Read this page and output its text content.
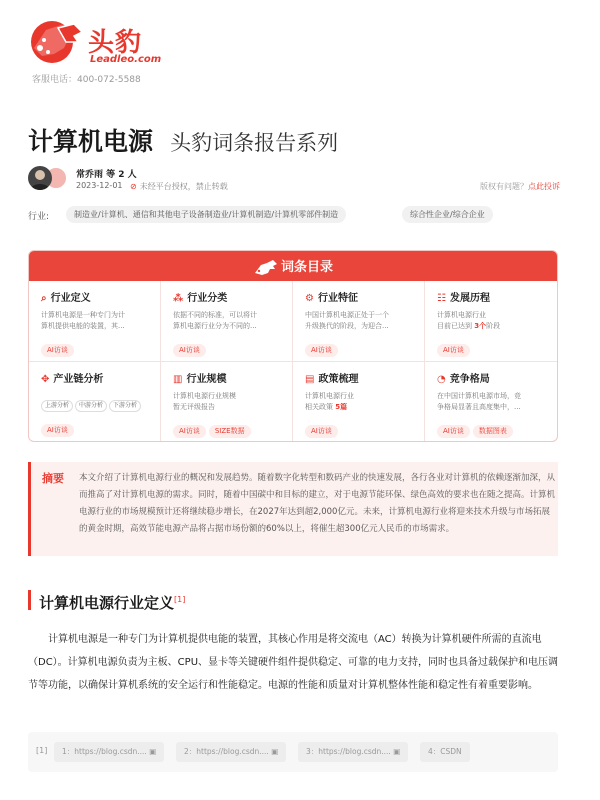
头豹
Leadleo.com
客服电话：400-072-5588
计算机电源 头豹词条报告系列
常乔雨 等 2 人
2023-12-01 ⊘ 未经平台授权，禁止转载	版权有问题？点此投诉
行业:	制造业/计算机、通信和其他电子设备制造业/计算机制造/计算机零部件制造	综合性企业/综合企业
词条目录
⌕ 行业定义
计算机电源是一种专门为计
算机提供电能的装置，其...
AI访谈
⁂ 行业分类
依据不同的标准，可以将计
算机电源行业分为不同的...
AI访谈
⚙ 行业特征
中国计算机电源正处于一个
升级换代的阶段，为迎合...
AI访谈
☷ 发展历程
计算机电源行业
目前已达到 3个阶段
AI访谈
✥ 产业链分析
上游分析 中游分析 下游分析
AI访谈
▥ 行业规模
计算机电源行业规模
暂无评级报告
AI访谈 SIZE数据
▤ 政策梳理
计算机电源行业
相关政策 5篇
AI访谈
◔ 竞争格局
在中国计算机电源市场，竞
争格局显著且高度集中，...
AI访谈 数据图表
摘要 本文介绍了计算机电源行业的概况和发展趋势。随着数字化转型和数码产业的快速发展，各行各业对计算机的依赖逐渐加深，从而推高了对计算机电源的需求。同时，随着中国碳中和目标的建立，对于电源节能环保、绿色高效的要求也在随之提高。计算机电源行业的市场规模预计还将继续稳步增长，在2027年达到超2,000亿元。未来，计算机电源行业将迎来技术升级与市场拓展的黄金时期，高效节能电源产品将占据市场份额的60%以上，将催生超300亿元人民币的市场需求。
计算机电源行业定义[1]
计算机电源是一种专门为计算机提供电能的装置，其核心作用是将交流电（AC）转换为计算机硬件所需的直流电（DC）。计算机电源负责为主板、CPU、显卡等关键硬件组件提供稳定、可靠的电力支持，同时也具备过载保护和电压调节等功能，以确保计算机系统的安全运行和性能稳定。电源的性能和质量对计算机整体性能和稳定性有着重要影响。
[1]	1：https://blog.csdn.... ▣	2：https://blog.csdn.... ▣	3：https://blog.csdn.... ▣	4：CSDN
